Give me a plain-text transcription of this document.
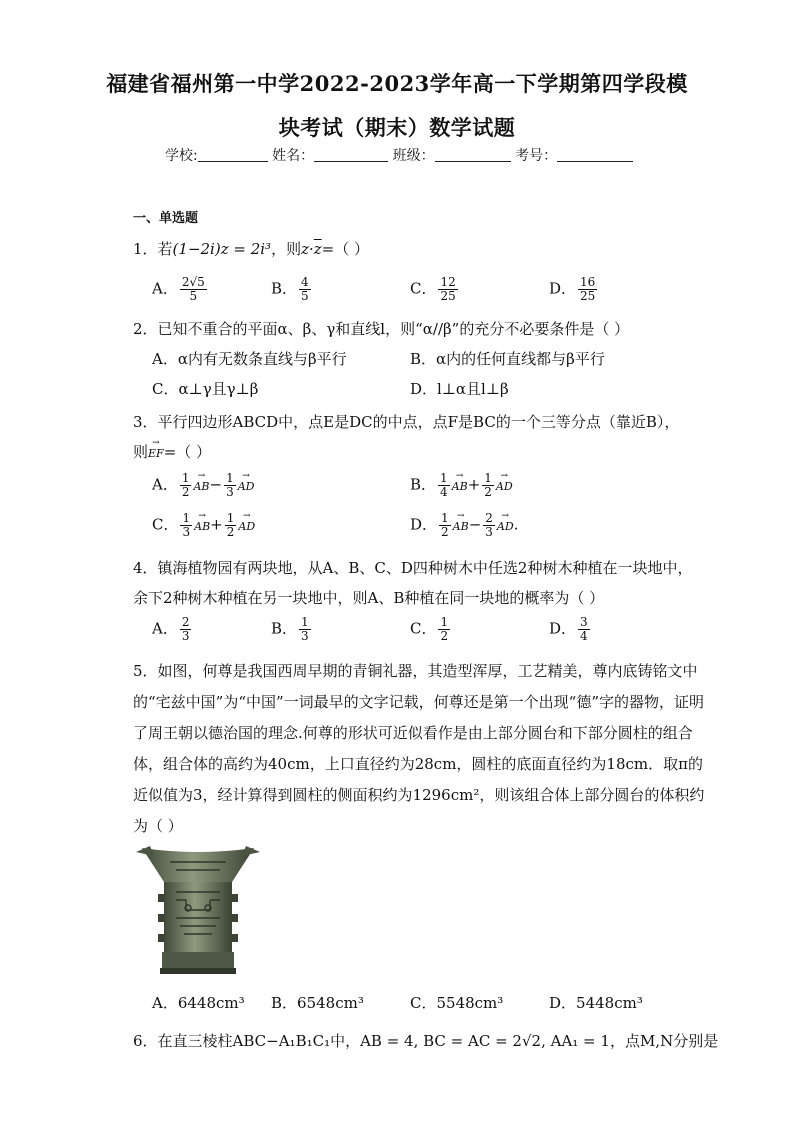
福建省福州第一中学2022-2023学年高一下学期第四学段模
块考试（期末）数学试题
学校:	姓名：	班级：	考号：
一、单选题
1．若(1−2i)z = 2i³，则$z\cdot\overline{z}=$（ ）
A． $\frac{2√5}{5}$	B． $\frac{4}{5}$	C． $\frac{12}{25}$	D． $\frac{16}{25}$
2．已知不重合的平面α、β、γ和直线l，则“α//β”的充分不必要条件是（ ）
A．α内有无数条直线与β平行	B．α内的任何直线都与β平行
C．α⊥γ且γ⊥β	D．l⊥α且l⊥β
3．平行四边形ABCD中，点E是DC的中点，点F是BC的一个三等分点（靠近B），
则→ EF=（ ）
A． $\frac{1}{2} \to AB- \frac{1}{3}$ → AD	B． $\frac{1}{4} \to AB+ \frac{1}{2}$ → AD
C． $\frac{1}{3} \to AB+ \frac{1}{2}$ → AD	D． $\frac{1}{2} \to AB- \frac{2}{3}$ → AD.
4．镇海植物园有两块地，从A、B、C、D四种树木中任选2种树木种植在一块地中，
余下2种树木种植在另一块地中，则A、B种植在同一块地的概率为（ ）
A． $\frac{2}{3}$	B． $\frac{1}{3}$	C． $\frac{1}{2}$	D． $\frac{3}{4}$
5．如图，何尊是我国西周早期的青铜礼器，其造型浑厚，工艺精美，尊内底铸铭文中
的“宅兹中国”为“中国”一词最早的文字记载，何尊还是第一个出现“德”字的器物，证明
了周王朝以德治国的理念.何尊的形状可近似看作是由上部分圆台和下部分圆柱的组合
体，组合体的高约为40cm，上口直径约为28cm，圆柱的底面直径约为18cm．取π的
近似值为3，经计算得到圆柱的侧面积约为1296cm²，则该组合体上部分圆台的体积约
为（ ）
A．6448cm³ B．6548cm³	C．5548cm³	D．5448cm³
6．在直三棱柱ABC−A₁B₁C₁中，AB = 4, BC = AC = 2√2, AA₁ = 1，点M,N分别是
